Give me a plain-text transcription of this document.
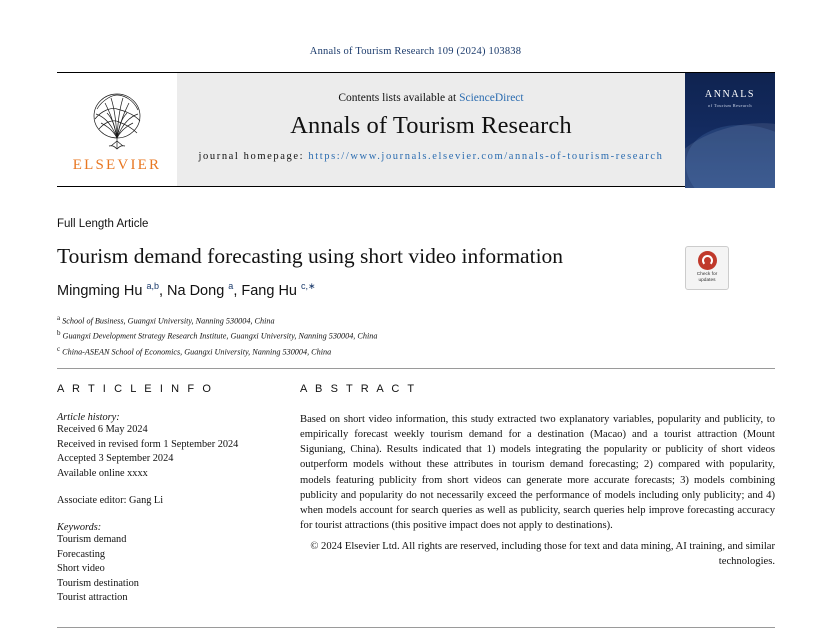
Annals of Tourism Research 109 (2024) 103838
ELSEVIER
Contents lists available at ScienceDirect
Annals of Tourism Research
journal homepage: https://www.journals.elsevier.com/annals-of-tourism-research
ANNALS
of Tourism Research
Full Length Article
Tourism demand forecasting using short video information
Mingming Hu $^{a,b}$, Na Dong $^a$, Fang Hu $^{c,∗}$
$^a$ School of Business, Guangxi University, Nanning 530004, China
$^b$ Guangxi Development Strategy Research Institute, Guangxi University, Nanning 530004, China
$^c$ China-ASEAN School of Economics, Guangxi University, Nanning 530004, China
Check for
updates
A R T I C L E I N F O
Article history:
Received 6 May 2024
Received in revised form 1 September 2024
Accepted 3 September 2024
Available online xxxx
Associate editor: Gang Li
Keywords:
Tourism demand
Forecasting
Short video
Tourism destination
Tourist attraction
A B S T R A C T
Based on short video information, this study extracted two explanatory variables, popularity and publicity, to empirically forecast weekly tourism demand for a destination (Macao) and a tourist attraction (Mount Siguniang, China). Results indicated that 1) models integrating the popularity or publicity of short videos outperform models without these attributes in tourism demand forecasting; 2) compared with popularity, models featuring publicity from short videos can generate more accurate forecasts; 3) models combining publicity and popularity do not necessarily exceed the performance of models including only publicity; and 4) when models account for search queries as well as publicity, search queries help improve forecasting accuracy for tourist attractions (this positive impact does not apply to destinations).
© 2024 Elsevier Ltd. All rights are reserved, including those for text and data mining, AI training, and similar technologies.
